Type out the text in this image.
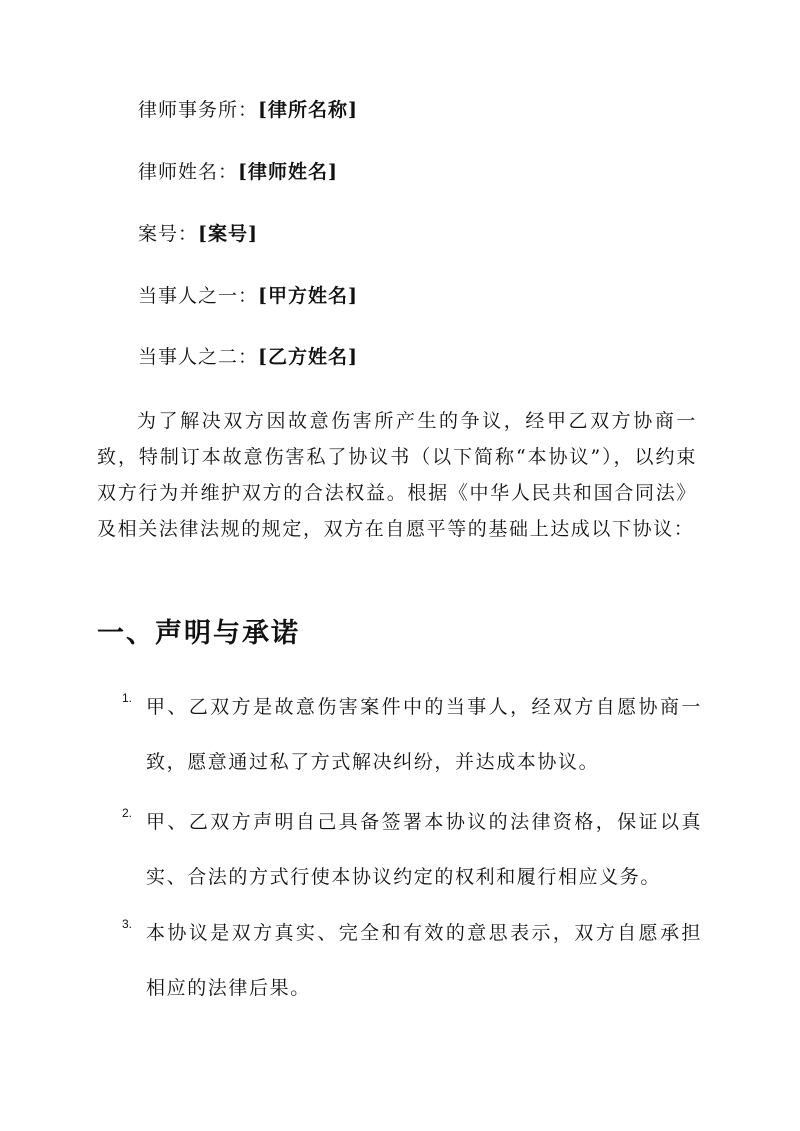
律师事务所：[律所名称]
律师姓名：[律师姓名]
案号：[案号]
当事人之一：[甲方姓名]
当事人之二：[乙方姓名]

为了解决双方因故意伤害所产生的争议，经甲乙双方协商一致，特制订本故意伤害私了协议书（以下简称“本协议”），以约束双方行为并维护双方的合法权益。根据《中华人民共和国合同法》及相关法律法规的规定，双方在自愿平等的基础上达成以下协议：

一、声明与承诺
1. 甲、乙双方是故意伤害案件中的当事人，经双方自愿协商一致，愿意通过私了方式解决纠纷，并达成本协议。

2. 甲、乙双方声明自己具备签署本协议的法律资格，保证以真实、合法的方式行使本协议约定的权利和履行相应义务。

3. 本协议是双方真实、完全和有效的意思表示，双方自愿承担相应的法律后果。
